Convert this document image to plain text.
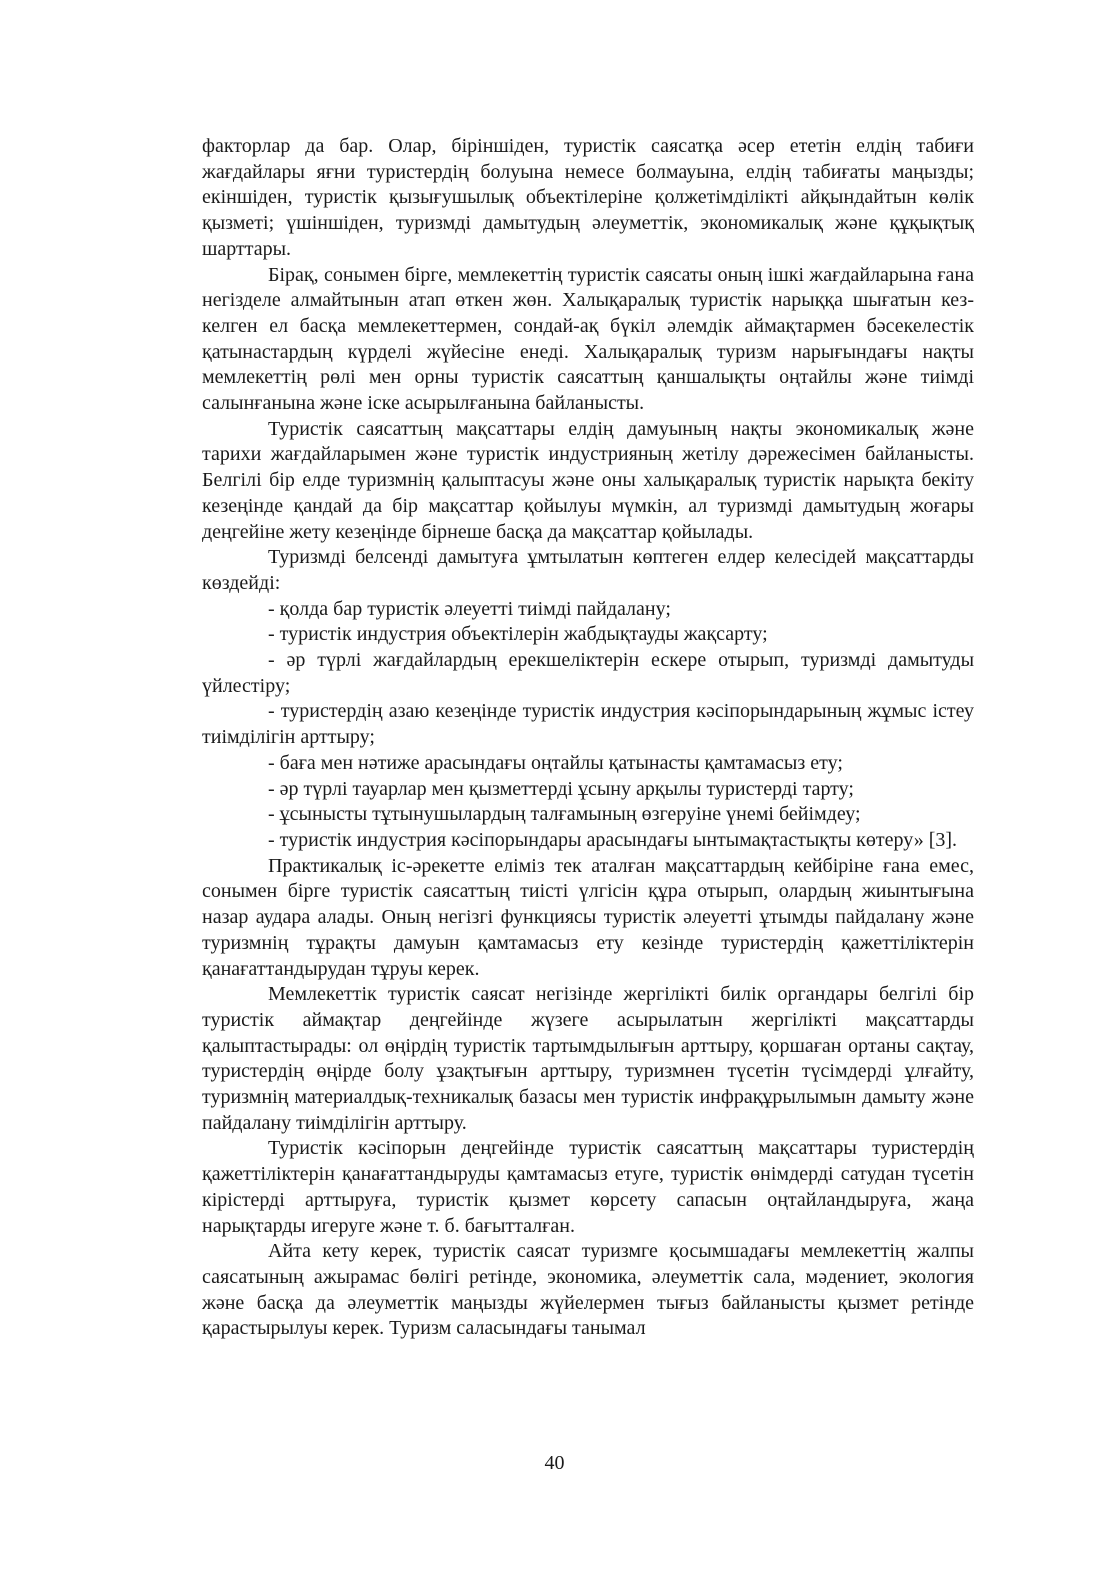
факторлар да бар. Олар, біріншіден, туристік саясатқа әсер ететін елдің табиғи жағдайлары яғни туристердің болуына немесе болмауына, елдің табиғаты маңызды; екіншіден, туристік қызығушылық объектілеріне қолжетімділікті айқындайтын көлік қызметі; үшіншіден, туризмді дамытудың әлеуметтік, экономикалық және құқықтық шарттары.

Бірақ, сонымен бірге, мемлекеттің туристік саясаты оның ішкі жағдайларына ғана негізделе алмайтынын атап өткен жөн. Халықаралық туристік нарыққа шығатын кез-келген ел басқа мемлекеттермен, сондай-ақ бүкіл әлемдік аймақтармен бәсекелестік қатынастардың күрделі жүйесіне енеді. Халықаралық туризм нарығындағы нақты мемлекеттің рөлі мен орны туристік саясаттың қаншалықты оңтайлы және тиімді салынғанына және іске асырылғанына байланысты.

Туристік саясаттың мақсаттары елдің дамуының нақты экономикалық және тарихи жағдайларымен және туристік индустрияның жетілу дәрежесімен байланысты. Белгілі бір елде туризмнің қалыптасуы және оны халықаралық туристік нарықта бекіту кезеңінде қандай да бір мақсаттар қойылуы мүмкін, ал туризмді дамытудың жоғары деңгейіне жету кезеңінде бірнеше басқа да мақсаттар қойылады.

Туризмді белсенді дамытуға ұмтылатын көптеген елдер келесідей мақсаттарды көздейді:

- қолда бар туристік әлеуетті тиімді пайдалану;

- туристік индустрия объектілерін жабдықтауды жақсарту;

- әр түрлі жағдайлардың ерекшеліктерін ескере отырып, туризмді дамытуды үйлестіру;

- туристердің азаю кезеңінде туристік индустрия кәсіпорындарының жұмыс істеу тиімділігін арттыру;

- баға мен нәтиже арасындағы оңтайлы қатынасты қамтамасыз ету;

- әр түрлі тауарлар мен қызметтерді ұсыну арқылы туристерді тарту;

- ұсынысты тұтынушылардың талғамының өзгеруіне үнемі бейімдеу;

- туристік индустрия кәсіпорындары арасындағы ынтымақтастықты көтеру» [3].

Практикалық іс-әрекетте еліміз тек аталған мақсаттардың кейбіріне ғана емес, сонымен бірге туристік саясаттың тиісті үлгісін құра отырып, олардың жиынтығына назар аудара алады. Оның негізгі функциясы туристік әлеуетті ұтымды пайдалану және туризмнің тұрақты дамуын қамтамасыз ету кезінде туристердің қажеттіліктерін қанағаттандырудан тұруы керек.

Мемлекеттік туристік саясат негізінде жергілікті билік органдары белгілі бір туристік аймақтар деңгейінде жүзеге асырылатын жергілікті мақсаттарды қалыптастырады: ол өңірдің туристік тартымдылығын арттыру, қоршаған ортаны сақтау, туристердің өңірде болу ұзақтығын арттыру, туризмнен түсетін түсімдерді ұлғайту, туризмнің материалдық-техникалық базасы мен туристік инфрақұрылымын дамыту және пайдалану тиімділігін арттыру.

Туристік кәсіпорын деңгейінде туристік саясаттың мақсаттары туристердің қажеттіліктерін қанағаттандыруды қамтамасыз етуге, туристік өнімдерді сатудан түсетін кірістерді арттыруға, туристік қызмет көрсету сапасын оңтайландыруға, жаңа нарықтарды игеруге және т. б. бағытталған.

Айта кету керек, туристік саясат туризмге қосымшадағы мемлекеттің жалпы саясатының ажырамас бөлігі ретінде, экономика, әлеуметтік сала, мәдениет, экология және басқа да әлеуметтік маңызды жүйелермен тығыз байланысты қызмет ретінде қарастырылуы керек. Туризм саласындағы танымал

40
